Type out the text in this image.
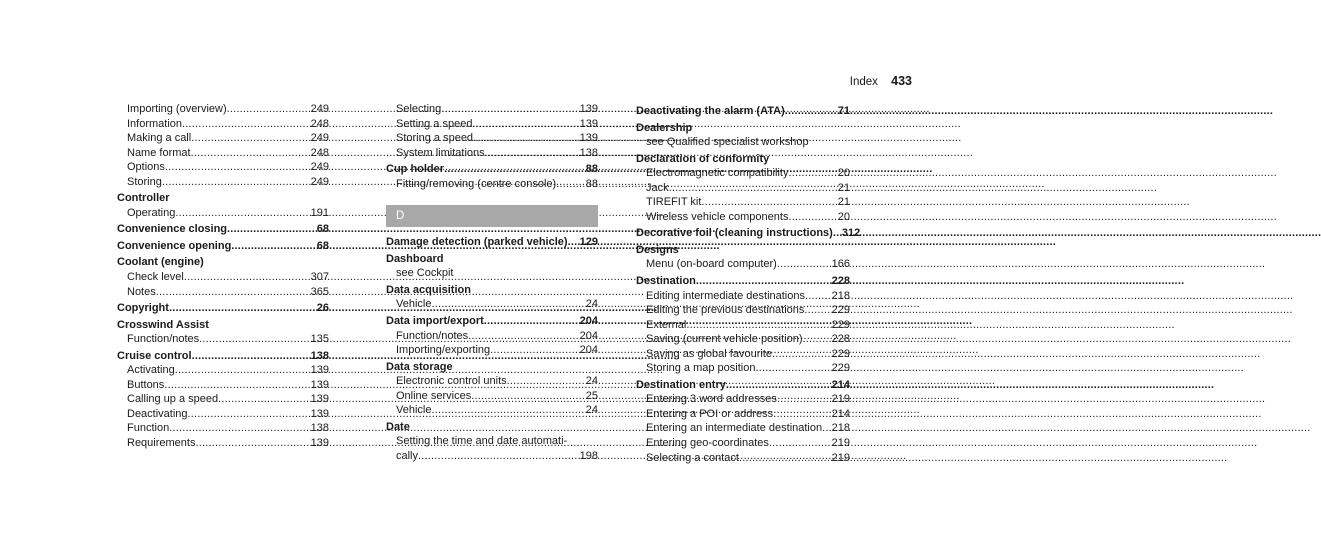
Index 433
Importing (overview) .....	249
Information .....	248
Making a call .....	249
Name format .....	248
Options .....	249
Storing .....	249
Controller
Operating .....	191
Convenience closing .....	68
Convenience opening .....	68
Coolant (engine)
Check level .....	307
Notes .....	365
Copyright .....	26
Crosswind Assist
Function/notes .....	135
Cruise control .....	138
Activating .....	139
Buttons .....	139
Calling up a speed .....	139
Deactivating .....	139
Function .....	138
Requirements .....	139
Selecting .....	139
Setting a speed .....	139
Storing a speed .....	139
System limitations .....	138
Cup holder .....	88
Fitting/removing (centre console) .....	88
D
Damage detection (parked vehicle) ..... 129
Dashboard
see Cockpit
Data acquisition
Vehicle .....	24
Data import/export .....	204
Function/notes .....	204
Importing/exporting .....	204
Data storage
Electronic control units .....	24
Online services .....	25
Vehicle .....	24
Date
Setting the time and date automati-
cally .....	198
Deactivating the alarm (ATA) .....	71
Dealership
see Qualified specialist workshop
Declaration of conformity
Electromagnetic compatibility .....	20
Jack .....	21
TIREFIT kit .....	21
Wireless vehicle components .....	20
Decorative foil (cleaning instructions) ..... 312
Designs
Menu (on-board computer) .....	166
Destination .....	228
Editing intermediate destinations ..... 218
Editing the previous destinations ..... 229
External .....	229
Saving (current vehicle position) .....	228
Saving as global favourite .....	229
Storing a map position .....	229
Destination entry .....	214
Entering 3 word addresses .....	219
Entering a POI or address .....	214
Entering an intermediate destination ..... 218
Entering geo-coordinates .....	219
Selecting a contact .....	219
